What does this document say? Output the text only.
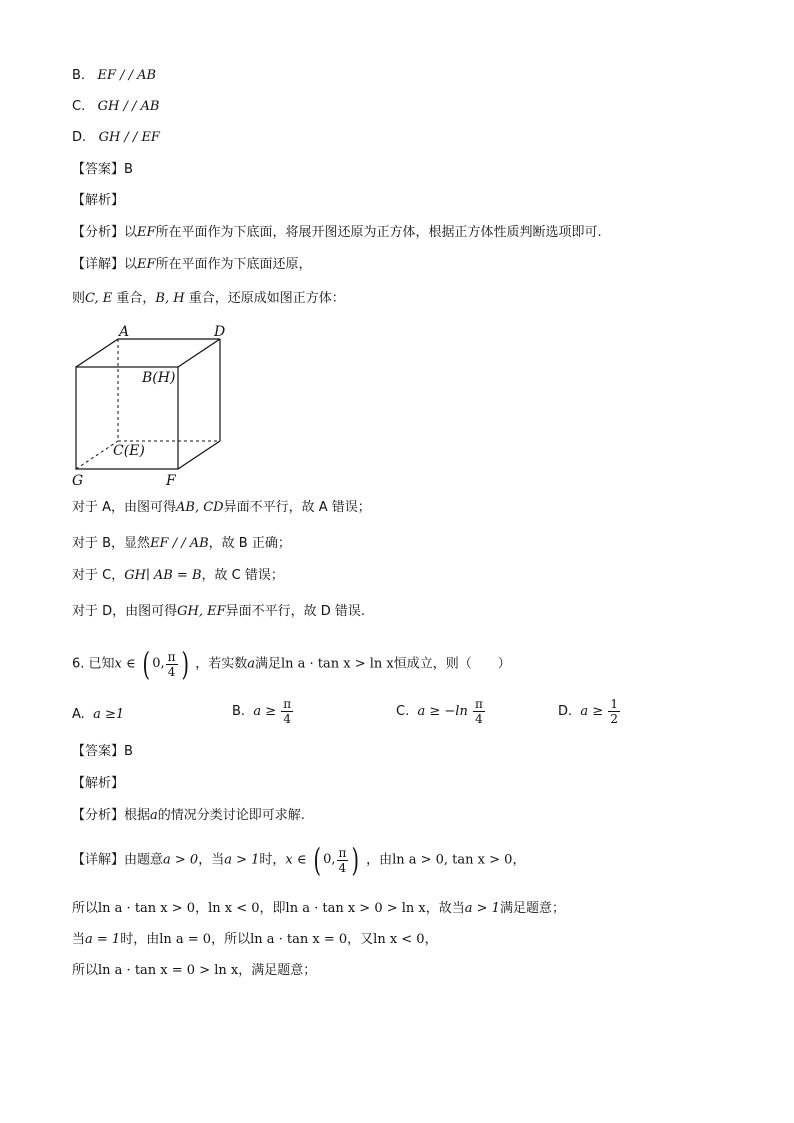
B. EF / / AB
C. GH / / AB
D. GH / / EF
【答案】B
【解析】
【分析】以EF所在平面作为下底面，将展开图还原为正方体，根据正方体性质判断选项即可.
【详解】以EF所在平面作为下底面还原，
则C, E 重合，B, H 重合，还原成如图正方体：
A	D
B(H)
C(E)
G	F
对于 A，由图可得AB, CD异面不平行，故 A 错误；
对于 B，显然EF / / AB，故 B 正确；
对于 C，GH∣ AB = B，故 C 错误；
对于 D，由图可得GH, EF异面不平行，故 D 错误.
6. 已知x ∈ ( 0, $\frac{\pi}{4}$ ) ，若实数a满足ln a · tan x > ln x恒成立，则（　　）
A. a ≥1	B. $a \ge \frac{\pi}{4}$	C. $a \ge -\ln \frac{\pi}{4}$	D. $a \ge \frac{1}{2}$
【答案】B
【解析】
【分析】根据a的情况分类讨论即可求解.
【详解】由题意a > 0，当a > 1时，x ∈ ( 0, $\frac{\pi}{4}$ ) ，由ln a > 0, tan x > 0，
所以ln a · tan x > 0，ln x < 0，即ln a · tan x > 0 > ln x，故当a > 1满足题意；
当a = 1时，由ln a = 0，所以ln a · tan x = 0，又ln x < 0，
所以ln a · tan x = 0 > ln x，满足题意；
